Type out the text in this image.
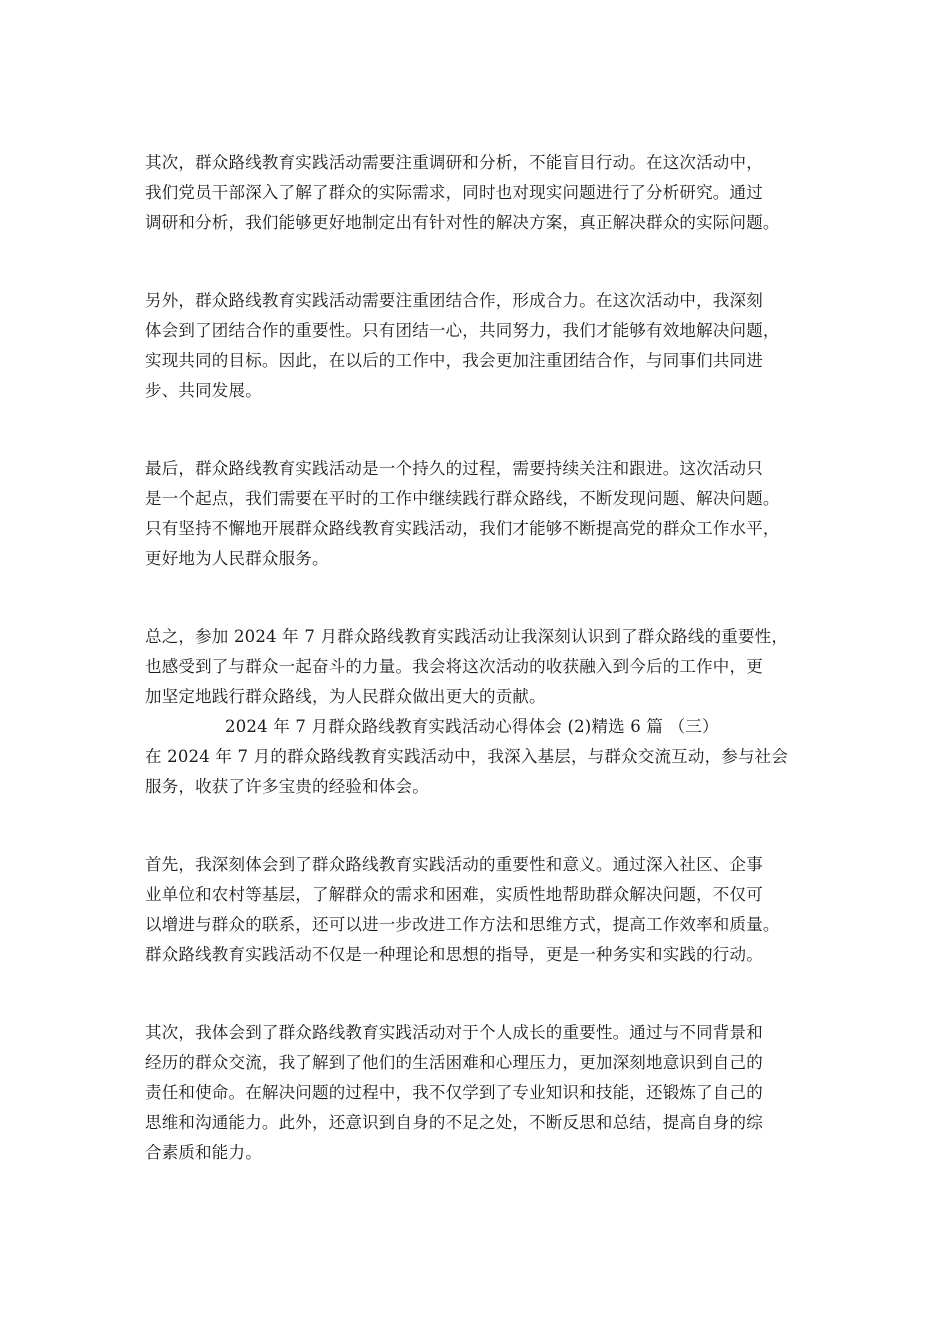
其次，群众路线教育实践活动需要注重调研和分析，不能盲目行动。在这次活动中，
我们党员干部深入了解了群众的实际需求，同时也对现实问题进行了分析研究。通过
调研和分析，我们能够更好地制定出有针对性的解决方案，真正解决群众的实际问题。
另外，群众路线教育实践活动需要注重团结合作，形成合力。在这次活动中，我深刻
体会到了团结合作的重要性。只有团结一心，共同努力，我们才能够有效地解决问题，
实现共同的目标。因此，在以后的工作中，我会更加注重团结合作，与同事们共同进
步、共同发展。
最后，群众路线教育实践活动是一个持久的过程，需要持续关注和跟进。这次活动只
是一个起点，我们需要在平时的工作中继续践行群众路线，不断发现问题、解决问题。
只有坚持不懈地开展群众路线教育实践活动，我们才能够不断提高党的群众工作水平，
更好地为人民群众服务。
总之，参加 2024 年 7 月群众路线教育实践活动让我深刻认识到了群众路线的重要性，
也感受到了与群众一起奋斗的力量。我会将这次活动的收获融入到今后的工作中，更
加坚定地践行群众路线，为人民群众做出更大的贡献。
2024 年 7 月群众路线教育实践活动心得体会 (2)精选 6 篇 （三）
在 2024 年 7 月的群众路线教育实践活动中，我深入基层，与群众交流互动，参与社会
服务，收获了许多宝贵的经验和体会。
首先，我深刻体会到了群众路线教育实践活动的重要性和意义。通过深入社区、企事
业单位和农村等基层，了解群众的需求和困难，实质性地帮助群众解决问题，不仅可
以增进与群众的联系，还可以进一步改进工作方法和思维方式，提高工作效率和质量。
群众路线教育实践活动不仅是一种理论和思想的指导，更是一种务实和实践的行动。
其次，我体会到了群众路线教育实践活动对于个人成长的重要性。通过与不同背景和
经历的群众交流，我了解到了他们的生活困难和心理压力，更加深刻地意识到自己的
责任和使命。在解决问题的过程中，我不仅学到了专业知识和技能，还锻炼了自己的
思维和沟通能力。此外，还意识到自身的不足之处，不断反思和总结，提高自身的综
合素质和能力。
